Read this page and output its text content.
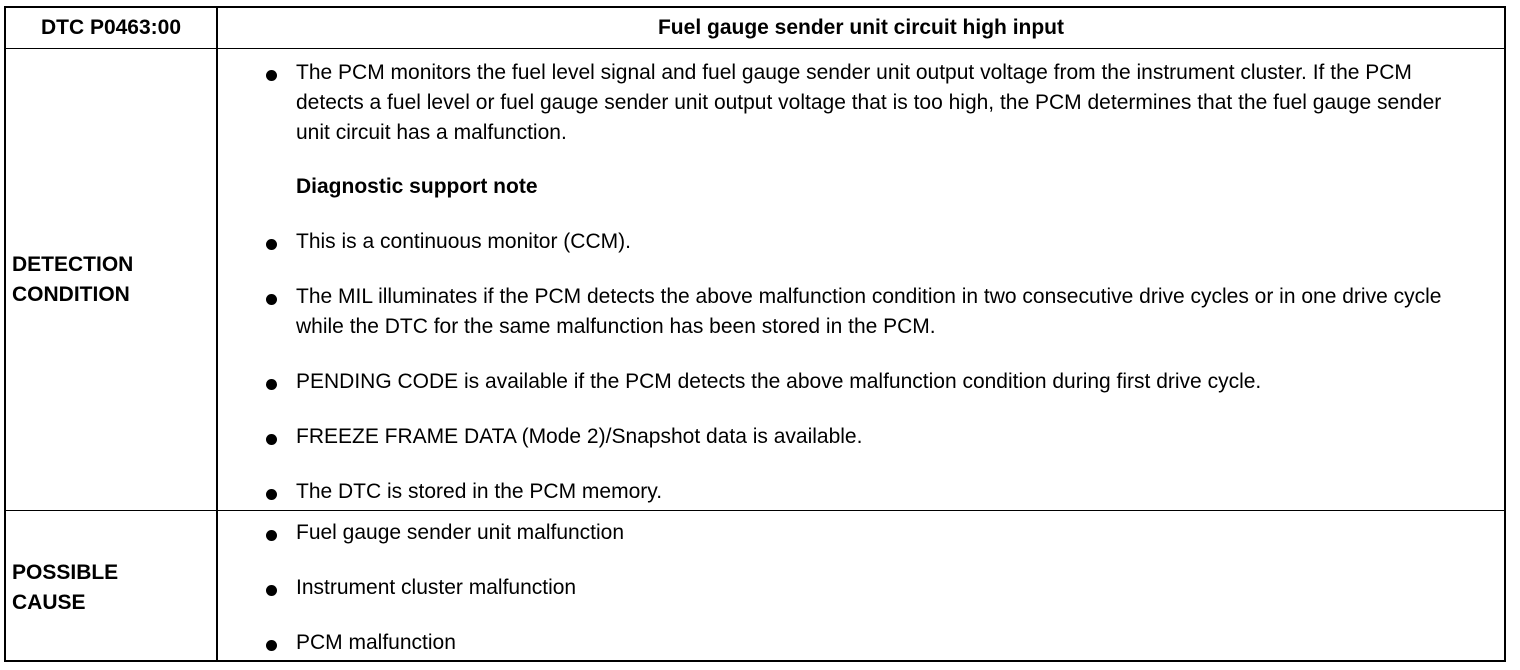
DTC P0463:00	Fuel gauge sender unit circuit high input
DETECTION
CONDITION
The PCM monitors the fuel level signal and fuel gauge sender unit output voltage from the instrument cluster. If the PCM detects a fuel level or fuel gauge sender unit output voltage that is too high, the PCM determines that the fuel gauge sender unit circuit has a malfunction.
Diagnostic support note
This is a continuous monitor (CCM).
The MIL illuminates if the PCM detects the above malfunction condition in two consecutive drive cycles or in one drive cycle while the DTC for the same malfunction has been stored in the PCM.
PENDING CODE is available if the PCM detects the above malfunction condition during first drive cycle.
FREEZE FRAME DATA (Mode 2)/Snapshot data is available.
The DTC is stored in the PCM memory.
POSSIBLE
CAUSE
Fuel gauge sender unit malfunction
Instrument cluster malfunction
PCM malfunction
